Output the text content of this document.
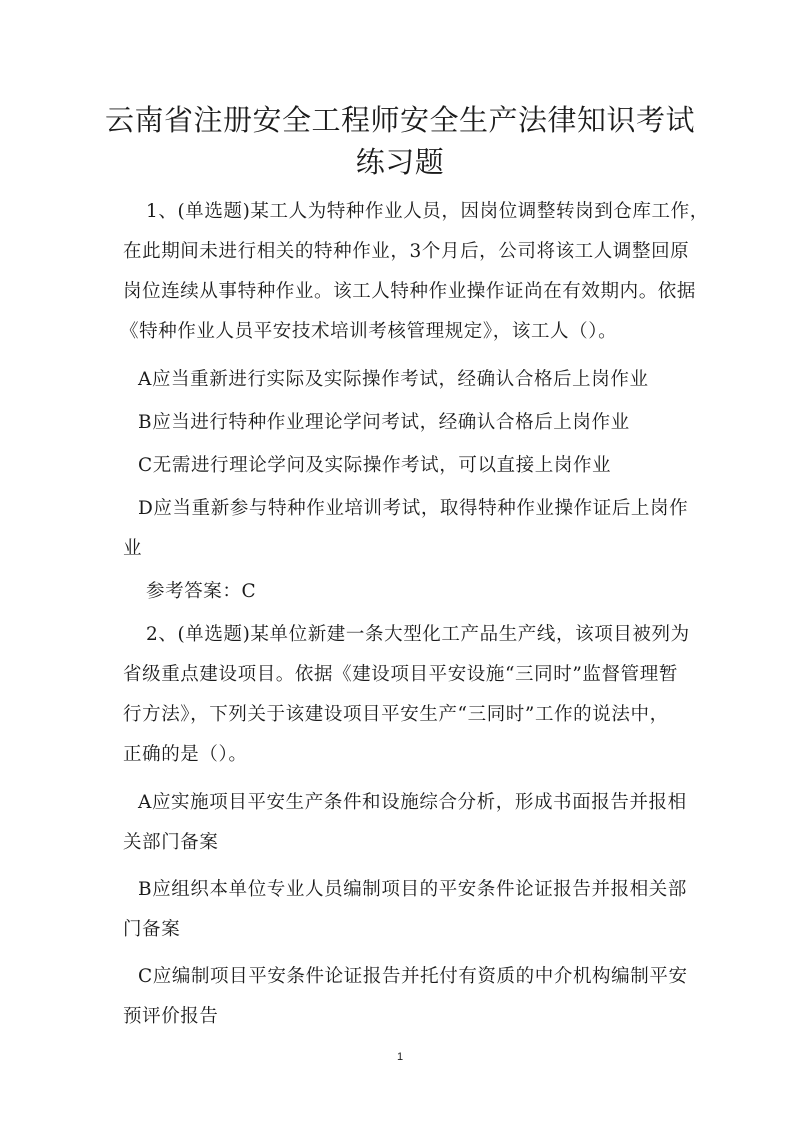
云南省注册安全工程师安全生产法律知识考试
练习题
1、(单选题)某工人为特种作业人员，因岗位调整转岗到仓库工作，
在此期间未进行相关的特种作业，3个月后，公司将该工人调整回原
岗位连续从事特种作业。该工人特种作业操作证尚在有效期内。依据
《特种作业人员平安技术培训考核管理规定》，该工人（）。
A应当重新进行实际及实际操作考试，经确认合格后上岗作业
B应当进行特种作业理论学问考试，经确认合格后上岗作业
C无需进行理论学问及实际操作考试，可以直接上岗作业
D应当重新参与特种作业培训考试，取得特种作业操作证后上岗作
业
参考答案：C
2、(单选题)某单位新建一条大型化工产品生产线，该项目被列为
省级重点建设项目。依据《建设项目平安设施“三同时”监督管理暂
行方法》，下列关于该建设项目平安生产“三同时”工作的说法中，
正确的是（）。
A应实施项目平安生产条件和设施综合分析，形成书面报告并报相
关部门备案
B应组织本单位专业人员编制项目的平安条件论证报告并报相关部
门备案
C应编制项目平安条件论证报告并托付有资质的中介机构编制平安
预评价报告
1
